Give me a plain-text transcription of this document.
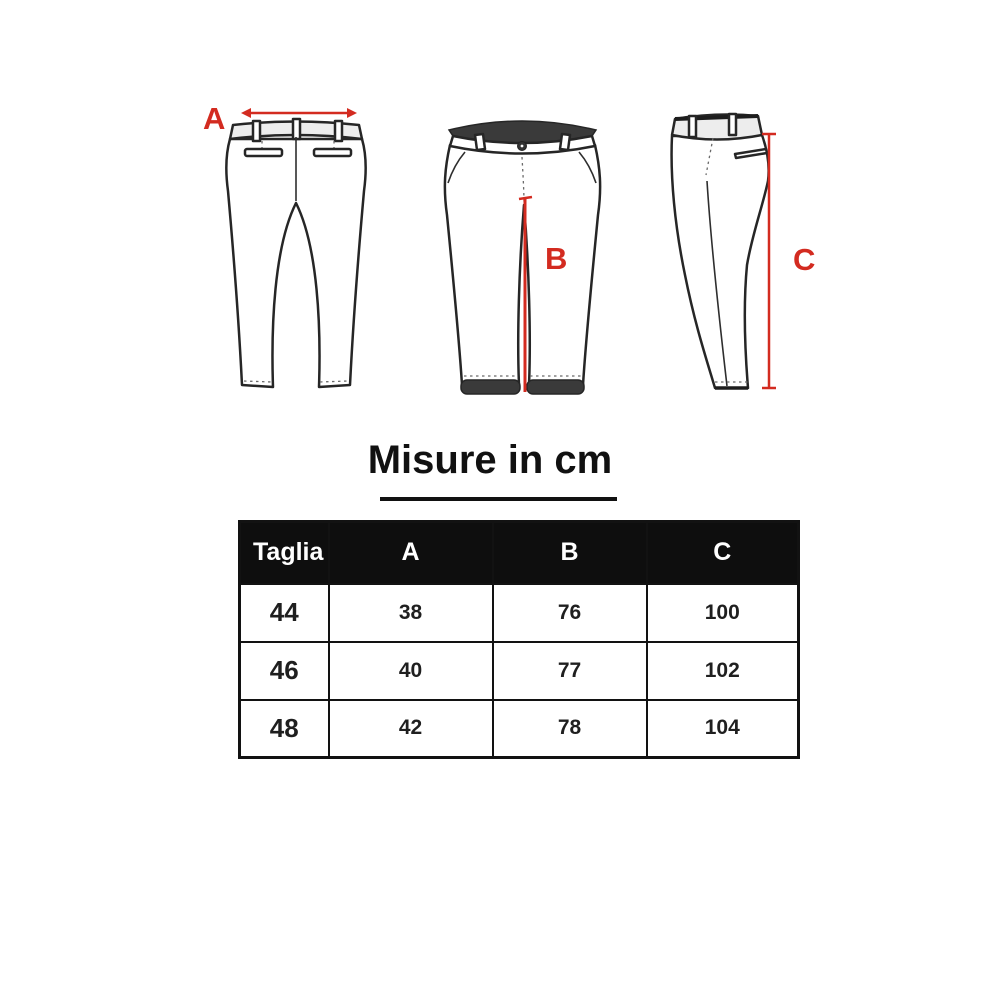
A
B	C
Misure in cm
Taglia	A	B	C
44	38	76	100
46	40	77	102
48	42	78	104
